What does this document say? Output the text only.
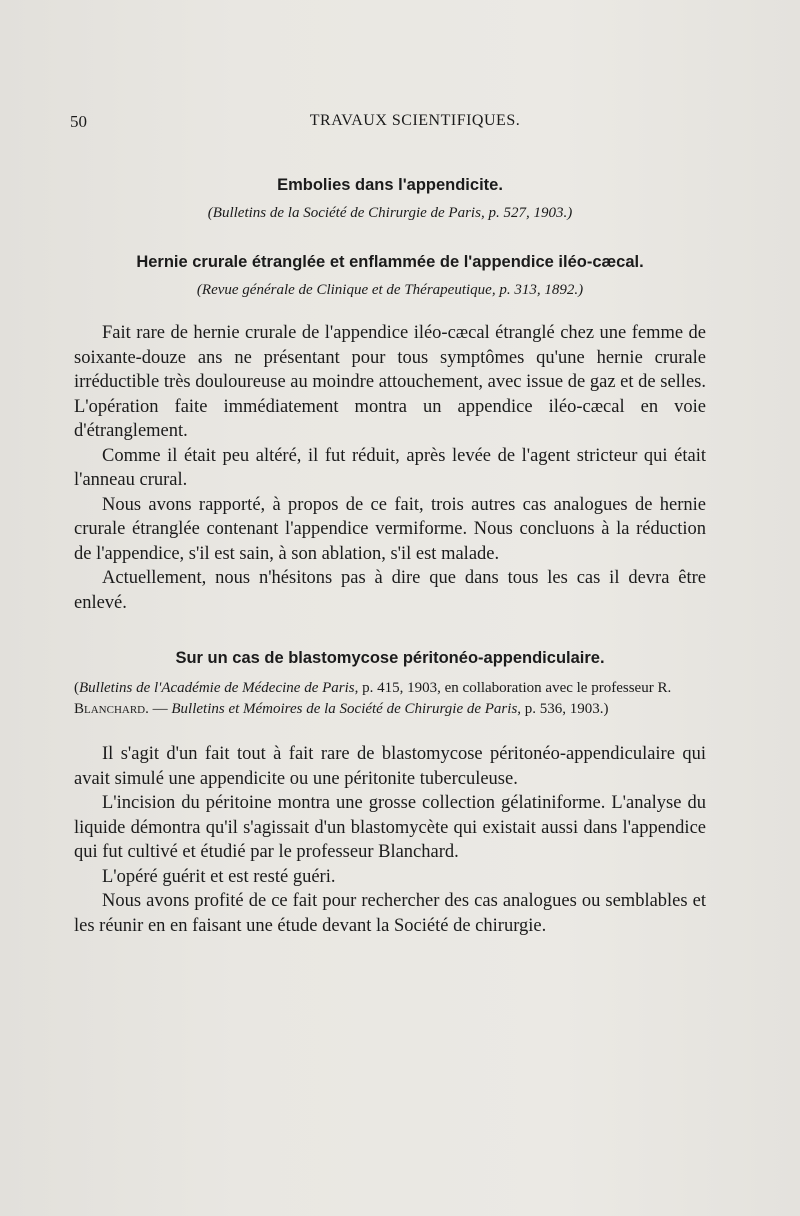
50	TRAVAUX SCIENTIFIQUES.
Embolies dans l'appendicite.

(Bulletins de la Société de Chirurgie de Paris, p. 527, 1903.)

Hernie crurale étranglée et enflammée de l'appendice iléo-cæcal.

(Revue générale de Clinique et de Thérapeutique, p. 313, 1892.)

Fait rare de hernie crurale de l'appendice iléo-cæcal étranglé chez une femme de soixante-douze ans ne présentant pour tous symptômes qu'une hernie crurale irréductible très douloureuse au moindre attouchement, avec issue de gaz et de selles. L'opération faite immédiatement montra un appendice iléo-cæcal en voie d'étranglement.

Comme il était peu altéré, il fut réduit, après levée de l'agent stricteur qui était l'anneau crural.

Nous avons rapporté, à propos de ce fait, trois autres cas analogues de hernie crurale étranglée contenant l'appendice vermiforme. Nous concluons à la réduction de l'appendice, s'il est sain, à son ablation, s'il est malade.

Actuellement, nous n'hésitons pas à dire que dans tous les cas il devra être enlevé.

Sur un cas de blastomycose péritonéo-appendiculaire.

(Bulletins de l'Académie de Médecine de Paris, p. 415, 1903, en collaboration avec le professeur R. Blanchard. — Bulletins et Mémoires de la Société de Chirurgie de Paris, p. 536, 1903.)

Il s'agit d'un fait tout à fait rare de blastomycose péritonéo-appendiculaire qui avait simulé une appendicite ou une péritonite tuberculeuse.

L'incision du péritoine montra une grosse collection gélatiniforme. L'analyse du liquide démontra qu'il s'agissait d'un blastomycète qui existait aussi dans l'appendice qui fut cultivé et étudié par le professeur Blanchard.

L'opéré guérit et est resté guéri.

Nous avons profité de ce fait pour rechercher des cas analogues ou semblables et les réunir en en faisant une étude devant la Société de chirurgie.
